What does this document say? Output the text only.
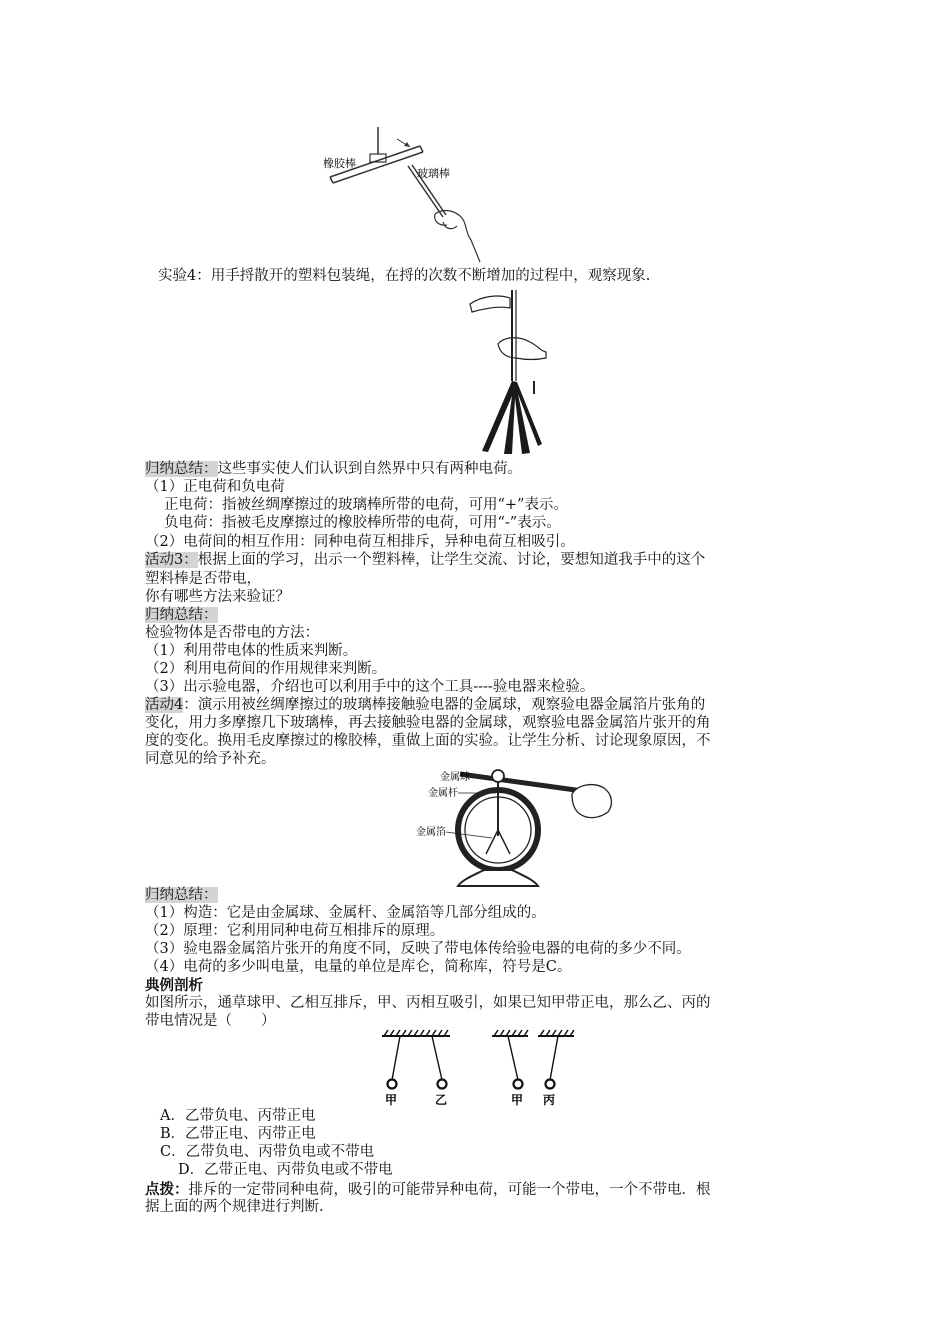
橡胶棒
玻璃棒
实验4：用手捋散开的塑料包装绳，在捋的次数不断增加的过程中，观察现象.
归纳总结：这些事实使人们认识到自然界中只有两种电荷。
（1）正电荷和负电荷
正电荷：指被丝绸摩擦过的玻璃棒所带的电荷，可用“+”表示。
负电荷：指被毛皮摩擦过的橡胶棒所带的电荷，可用“-”表示。
（2）电荷间的相互作用：同种电荷互相排斥，异种电荷互相吸引。
活动3：根据上面的学习，出示一个塑料棒，让学生交流、讨论，要想知道我手中的这个
塑料棒是否带电，
你有哪些方法来验证？
归纳总结：
检验物体是否带电的方法：
（1）利用带电体的性质来判断。
（2）利用电荷间的作用规律来判断。
（3）出示验电器，介绍也可以利用手中的这个工具----验电器来检验。
活动4：演示用被丝绸摩擦过的玻璃棒接触验电器的金属球，观察验电器金属箔片张角的
变化，用力多摩擦几下玻璃棒，再去接触验电器的金属球，观察验电器金属箔片张开的角
度的变化。换用毛皮摩擦过的橡胶棒，重做上面的实验。让学生分析、讨论现象原因，不
同意见的给予补充。
金属球
金属杆
金属箔
归纳总结：
（1）构造：它是由金属球、金属杆、金属箔等几部分组成的。
（2）原理：它利用同种电荷互相排斥的原理。
（3）验电器金属箔片张开的角度不同，反映了带电体传给验电器的电荷的多少不同。
（4）电荷的多少叫电量，电量的单位是库仑，简称库，符号是C。
典例剖析
如图所示，通草球甲、乙相互排斥，甲、丙相互吸引，如果已知甲带正电，那么乙、丙的
带电情况是（　　）
甲	乙	甲 丙
A．乙带负电、丙带正电
B．乙带正电、丙带正电
C．乙带负电、丙带负电或不带电
D．乙带正电、丙带负电或不带电
点拨：排斥的一定带同种电荷，吸引的可能带异种电荷，可能一个带电，一个不带电．根
据上面的两个规律进行判断.
